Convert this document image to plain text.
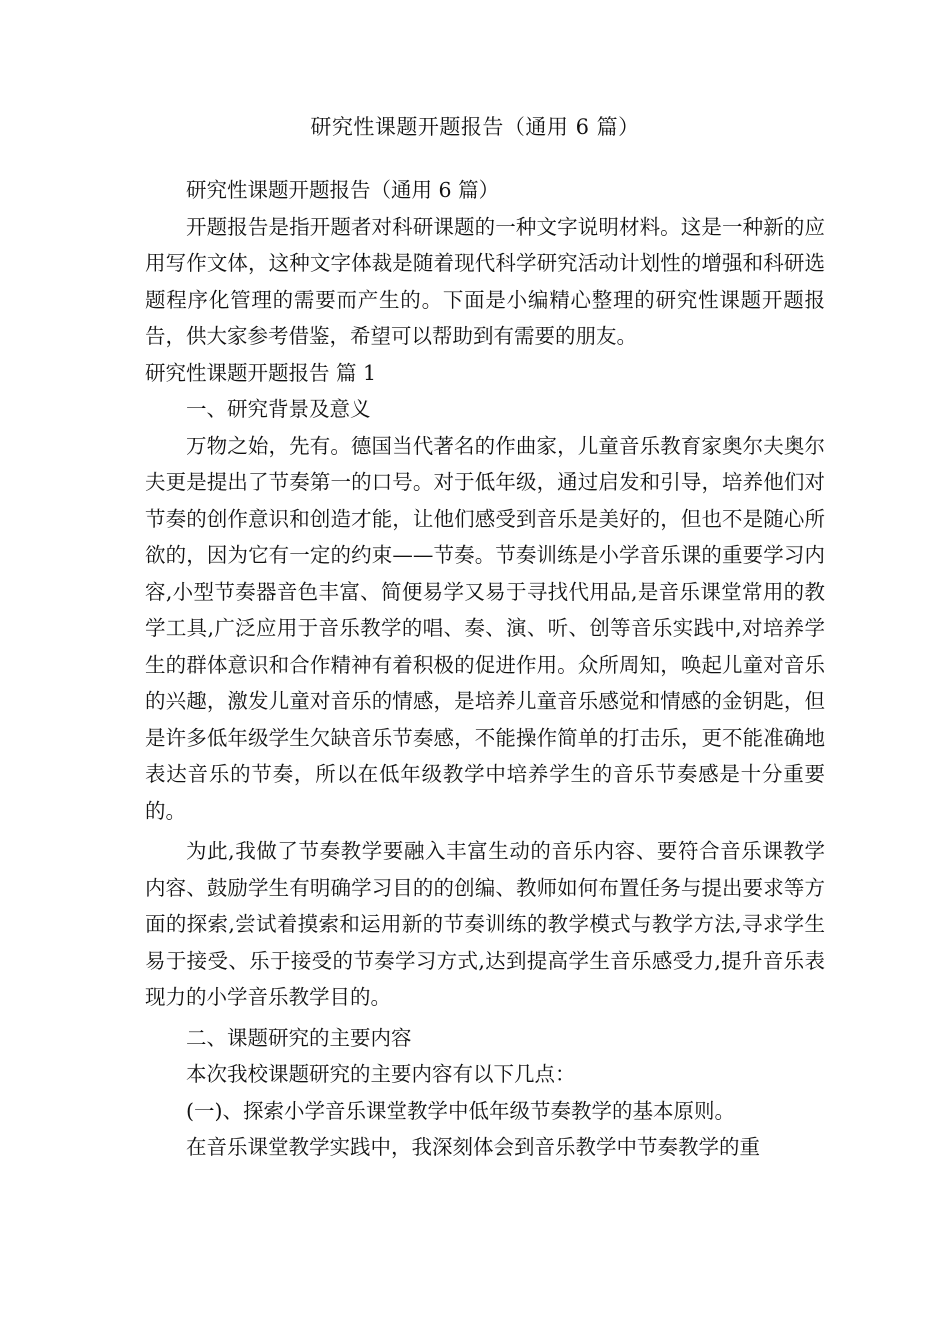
研究性课题开题报告（通用 6 篇）

研究性课题开题报告（通用 6 篇）

开题报告是指开题者对科研课题的一种文字说明材料。这是一种新的应用写作文体，这种文字体裁是随着现代科学研究活动计划性的增强和科研选题程序化管理的需要而产生的。下面是小编精心整理的研究性课题开题报告，供大家参考借鉴，希望可以帮助到有需要的朋友。

研究性课题开题报告 篇 1

一、研究背景及意义

万物之始，先有。德国当代著名的作曲家，儿童音乐教育家奥尔夫奥尔夫更是提出了节奏第一的口号。对于低年级，通过启发和引导，培养他们对节奏的创作意识和创造才能，让他们感受到音乐是美好的，但也不是随心所欲的，因为它有一定的约束——节奏。节奏训练是小学音乐课的重要学习内容,小型节奏器音色丰富、简便易学又易于寻找代用品,是音乐课堂常用的教学工具,广泛应用于音乐教学的唱、奏、演、听、创等音乐实践中,对培养学生的群体意识和合作精神有着积极的促进作用。众所周知，唤起儿童对音乐的兴趣，激发儿童对音乐的情感，是培养儿童音乐感觉和情感的金钥匙，但是许多低年级学生欠缺音乐节奏感，不能操作简单的打击乐，更不能准确地表达音乐的节奏，所以在低年级教学中培养学生的音乐节奏感是十分重要的。

为此,我做了节奏教学要融入丰富生动的音乐内容、要符合音乐课教学内容、鼓励学生有明确学习目的的创编、教师如何布置任务与提出要求等方面的探索,尝试着摸索和运用新的节奏训练的教学模式与教学方法,寻求学生易于接受、乐于接受的节奏学习方式,达到提高学生音乐感受力,提升音乐表现力的小学音乐教学目的。

二、课题研究的主要内容

本次我校课题研究的主要内容有以下几点：

(一)、探索小学音乐课堂教学中低年级节奏教学的基本原则。

在音乐课堂教学实践中，我深刻体会到音乐教学中节奏教学的重
